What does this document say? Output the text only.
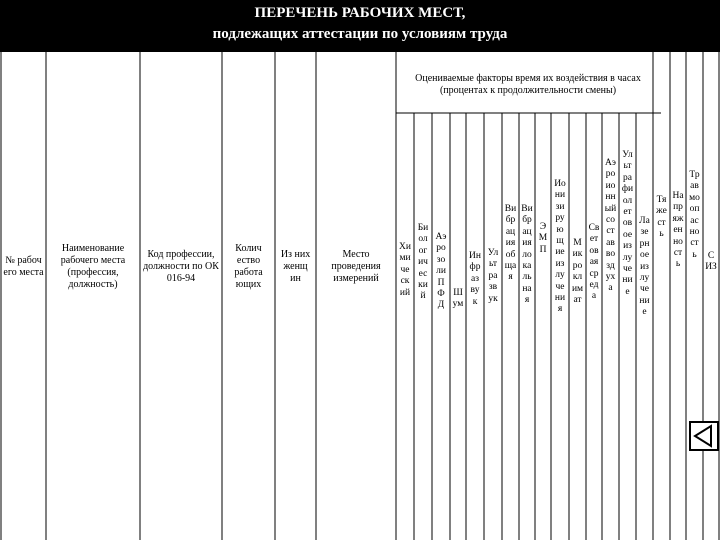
ПЕРЕЧЕНЬ РАБОЧИХ МЕСТ,
подлежащих аттестации по условиям труда
№ рабоч его места
Наименование рабочего места (профессия, должность)
Код профессии, должности по ОК 016-94
Колич ество работа ющих
Из них женщ ин
Место проведения измерений
Оцениваемые факторы время их воздействия в часах (процентах к продолжительности смены)
Химический
Биологический
Аэрозоли ПФД
Шум
Инфразвук
Ультразвук
Вибрация общая
Вибрация локальная
ЭМП
Ионизирующие излучения
Микроклимат
Световая среда
Аэроионный состав воздуха
Ультрафиолетовое излучение
Лазерное излучение
Тяжесть
Напряженность
Травмоопасность	СИЗ
